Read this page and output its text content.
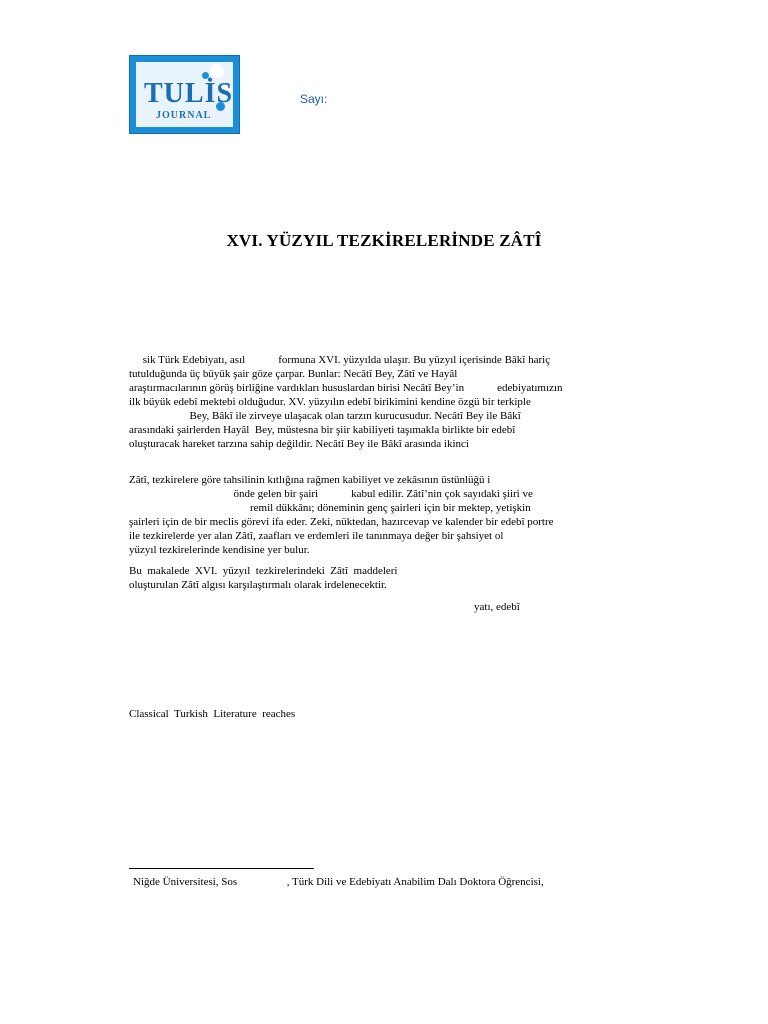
TULİS
JOURNAL
Sayı:
XVI. YÜZYIL TEZKİRELERİNDE ZÂTÎ
sik Türk Edebiyatı, asıl            formuna XVI. yüzyılda ulaşır. Bu yüzyıl içerisinde Bâkî hariç
tutulduğunda üç büyük şair göze çarpar. Bunlar: Necâtî Bey, Zâtî ve Hayâl
araştırmacılarının görüş birliğine vardıkları hususlardan birisi Necâtî Bey’in            edebiyatımızın
ilk büyük edebî mektebi olduğudur. XV. yüzyılın edebî birikimini kendine özgü bir terkiple
Bey, Bâkî ile zirveye ulaşacak olan tarzın kurucusudur. Necâtî Bey ile Bâkî
arasındaki şairlerden Hayâl  Bey, müstesna bir şiir kabiliyeti taşımakla birlikte bir edebî
oluşturacak hareket tarzına sahip değildir. Necâtî Bey ile Bâkî arasında ikinci
Zâtî, tezkirelere göre tahsilinin kıtlığına rağmen kabiliyet ve zekâsının üstünlüğü i
önde gelen bir şairi            kabul edilir. Zâtî’nin çok sayıdaki şiiri ve
remil dükkânı; döneminin genç şairleri için bir mektep, yetişkin
şairleri için de bir meclis görevi ifa eder. Zeki, nüktedan, hazırcevap ve kalender bir edebî portre
ile tezkirelerde yer alan Zâtî, zaafları ve erdemleri ile tanınmaya değer bir şahsiyet ol
yüzyıl tezkirelerinde kendisine yer bulur.
Bu  makalede  XVI.  yüzyıl  tezkirelerindeki  Zâtî  maddeleri
oluşturulan Zâtî algısı karşılaştırmalı olarak irdelenecektir.
yatı, edebî
Classical  Turkish  Literature  reaches
Niğde Üniversitesi, Sos                  , Türk Dili ve Edebiyatı Anabilim Dalı Doktora Öğrencisi,
